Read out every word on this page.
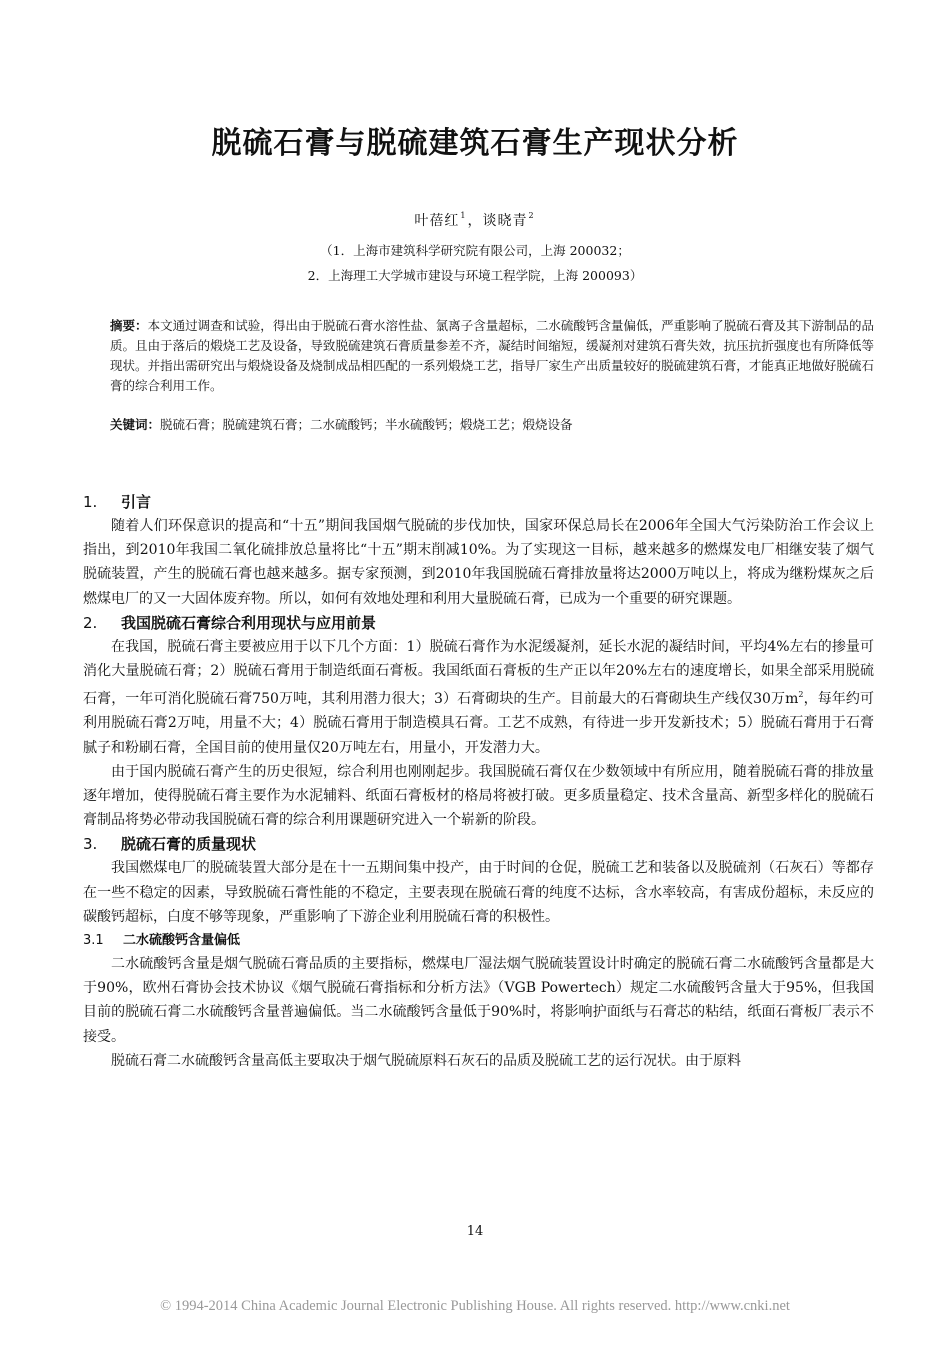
脱硫石膏与脱硫建筑石膏生产现状分析
叶蓓红$^1$，谈晓青$^2$
（1．上海市建筑科学研究院有限公司，上海 200032；
2．上海理工大学城市建设与环境工程学院，上海 200093）
摘要：本文通过调查和试验，得出由于脱硫石膏水溶性盐、氯离子含量超标，二水硫酸钙含量偏低，严重影响了脱硫石膏及其下游制品的品质。且由于落后的煅烧工艺及设备，导致脱硫建筑石膏质量参差不齐，凝结时间缩短，缓凝剂对建筑石膏失效，抗压抗折强度也有所降低等现状。并指出需研究出与煅烧设备及烧制成品相匹配的一系列煅烧工艺，指导厂家生产出质量较好的脱硫建筑石膏，才能真正地做好脱硫石膏的综合利用工作。
关键词：脱硫石膏；脱硫建筑石膏；二水硫酸钙；半水硫酸钙；煅烧工艺；煅烧设备
1. 引言

随着人们环保意识的提高和“十五”期间我国烟气脱硫的步伐加快，国家环保总局长在2006年全国大气污染防治工作会议上指出，到2010年我国二氧化硫排放总量将比“十五”期末削减10%。为了实现这一目标，越来越多的燃煤发电厂相继安装了烟气脱硫装置，产生的脱硫石膏也越来越多。据专家预测，到2010年我国脱硫石膏排放量将达2000万吨以上，将成为继粉煤灰之后燃煤电厂的又一大固体废弃物。所以，如何有效地处理和利用大量脱硫石膏，已成为一个重要的研究课题。

2. 我国脱硫石膏综合利用现状与应用前景

在我国，脱硫石膏主要被应用于以下几个方面：1）脱硫石膏作为水泥缓凝剂，延长水泥的凝结时间，平均4%左右的掺量可消化大量脱硫石膏；2）脱硫石膏用于制造纸面石膏板。我国纸面石膏板的生产正以年20%左右的速度增长，如果全部采用脱硫石膏，一年可消化脱硫石膏750万吨，其利用潜力很大；3）石膏砌块的生产。目前最大的石膏砌块生产线仅30万$m^2$，每年约可利用脱硫石膏2万吨，用量不大；4）脱硫石膏用于制造模具石膏。工艺不成熟，有待进一步开发新技术；5）脱硫石膏用于石膏腻子和粉刷石膏，全国目前的使用量仅20万吨左右，用量小，开发潜力大。

由于国内脱硫石膏产生的历史很短，综合利用也刚刚起步。我国脱硫石膏仅在少数领域中有所应用，随着脱硫石膏的排放量逐年增加，使得脱硫石膏主要作为水泥辅料、纸面石膏板材的格局将被打破。更多质量稳定、技术含量高、新型多样化的脱硫石膏制品将势必带动我国脱硫石膏的综合利用课题研究进入一个崭新的阶段。

3. 脱硫石膏的质量现状

我国燃煤电厂的脱硫装置大部分是在十一五期间集中投产，由于时间的仓促，脱硫工艺和装备以及脱硫剂（石灰石）等都存在一些不稳定的因素，导致脱硫石膏性能的不稳定，主要表现在脱硫石膏的纯度不达标，含水率较高，有害成份超标，未反应的碳酸钙超标，白度不够等现象，严重影响了下游企业利用脱硫石膏的积极性。

3.1 二水硫酸钙含量偏低

二水硫酸钙含量是烟气脱硫石膏品质的主要指标，燃煤电厂湿法烟气脱硫装置设计时确定的脱硫石膏二水硫酸钙含量都是大于90%，欧州石膏协会技术协议《烟气脱硫石膏指标和分析方法》（VGB Powertech）规定二水硫酸钙含量大于95%，但我国目前的脱硫石膏二水硫酸钙含量普遍偏低。当二水硫酸钙含量低于90%时，将影响护面纸与石膏芯的粘结，纸面石膏板厂表示不接受。

脱硫石膏二水硫酸钙含量高低主要取决于烟气脱硫原料石灰石的品质及脱硫工艺的运行况状。由于原料

14
© 1994-2014 China Academic Journal Electronic Publishing House. All rights reserved. http://www.cnki.net
